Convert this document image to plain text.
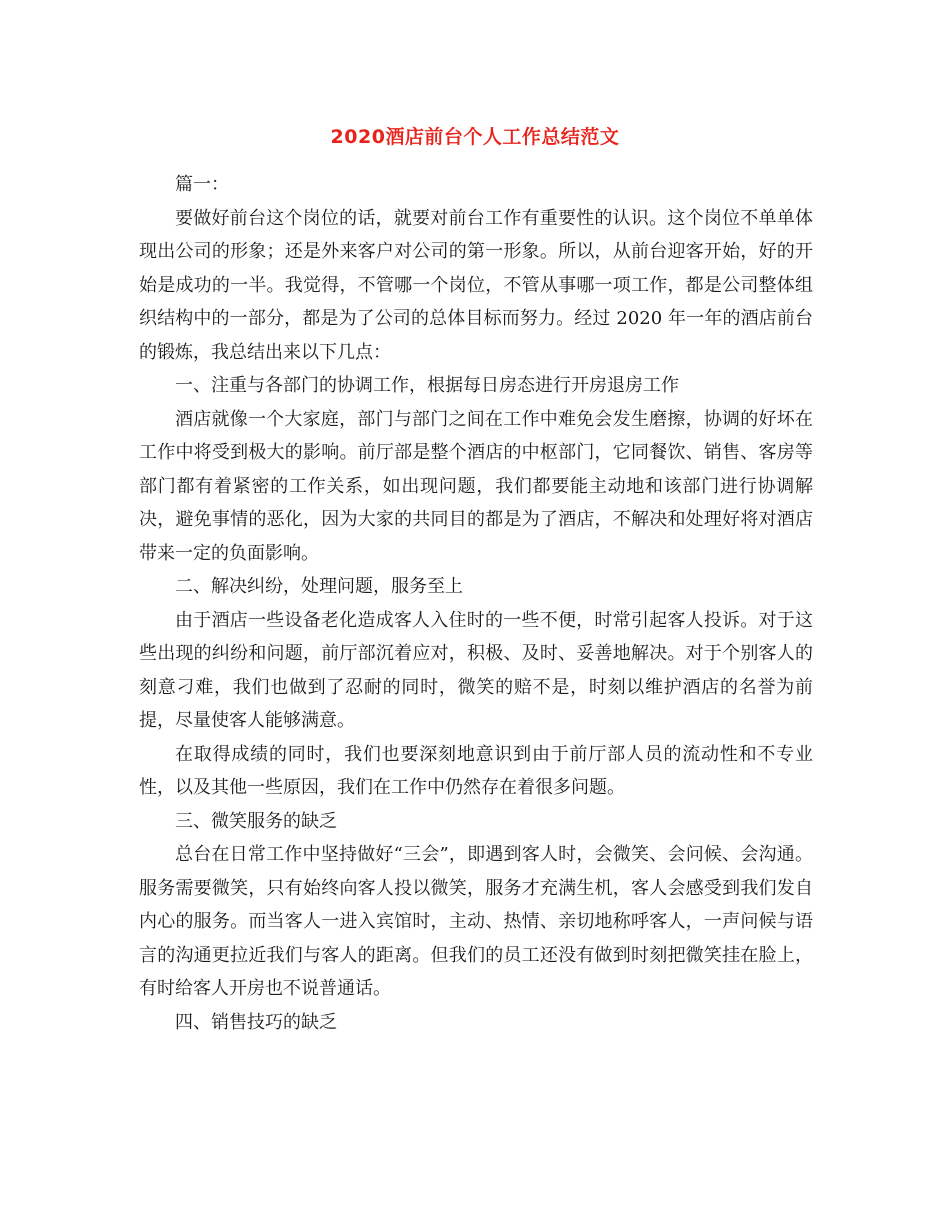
2020酒店前台个人工作总结范文

篇一：

要做好前台这个岗位的话，就要对前台工作有重要性的认识。这个岗位不单单体现出公司的形象；还是外来客户对公司的第一形象。所以，从前台迎客开始，好的开始是成功的一半。我觉得，不管哪一个岗位，不管从事哪一项工作，都是公司整体组织结构中的一部分，都是为了公司的总体目标而努力。经过 2020 年一年的酒店前台的锻炼，我总结出来以下几点：

一、注重与各部门的协调工作，根据每日房态进行开房退房工作

酒店就像一个大家庭，部门与部门之间在工作中难免会发生磨擦，协调的好坏在工作中将受到极大的影响。前厅部是整个酒店的中枢部门，它同餐饮、销售、客房等部门都有着紧密的工作关系，如出现问题，我们都要能主动地和该部门进行协调解决，避免事情的恶化，因为大家的共同目的都是为了酒店，不解决和处理好将对酒店带来一定的负面影响。

二、解决纠纷，处理问题，服务至上

由于酒店一些设备老化造成客人入住时的一些不便，时常引起客人投诉。对于这些出现的纠纷和问题，前厅部沉着应对，积极、及时、妥善地解决。对于个别客人的刻意刁难，我们也做到了忍耐的同时，微笑的赔不是，时刻以维护酒店的名誉为前提，尽量使客人能够满意。

在取得成绩的同时，我们也要深刻地意识到由于前厅部人员的流动性和不专业性，以及其他一些原因，我们在工作中仍然存在着很多问题。

三、微笑服务的缺乏

总台在日常工作中坚持做好“三会”，即遇到客人时，会微笑、会问候、会沟通。服务需要微笑，只有始终向客人投以微笑，服务才充满生机，客人会感受到我们发自内心的服务。而当客人一进入宾馆时，主动、热情、亲切地称呼客人，一声问候与语言的沟通更拉近我们与客人的距离。但我们的员工还没有做到时刻把微笑挂在脸上，有时给客人开房也不说普通话。

四、销售技巧的缺乏
